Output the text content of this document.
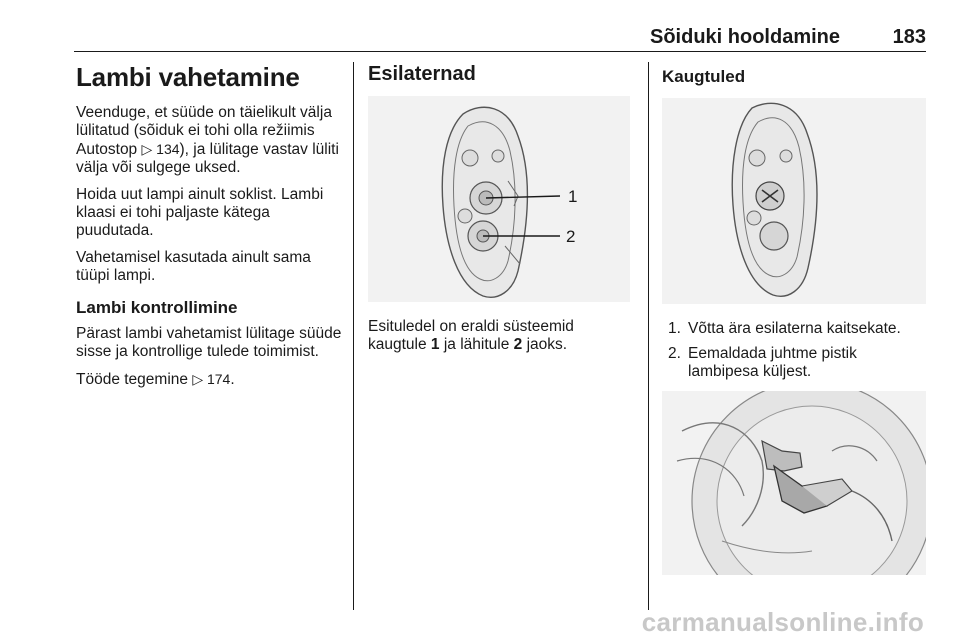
Sõiduki hooldamine	183
Lambi vahetamine

Veenduge, et süüde on täielikult välja lülitatud (sõiduk ei tohi olla režiimis Autostop ▷ 134), ja lülitage vastav lüliti välja või sulgege uksed.

Hoida uut lampi ainult soklist. Lambi klaasi ei tohi paljaste kätega puudutada.

Vahetamisel kasutada ainult sama tüüpi lampi.

Lambi kontrollimine

Pärast lambi vahetamist lülitage süüde sisse ja kontrollige tulede toimimist.

Tööde tegemine ▷ 174.

Esilaternad
1
2

Esituledel on eraldi süsteemid kaugtule 1 ja lähitule 2 jaoks.

Kaugtuled
1. Võtta ära esilaterna kaitsekate.
2. Eemaldada juhtme pistik lambipesa küljest.
carmanualsonline.info
